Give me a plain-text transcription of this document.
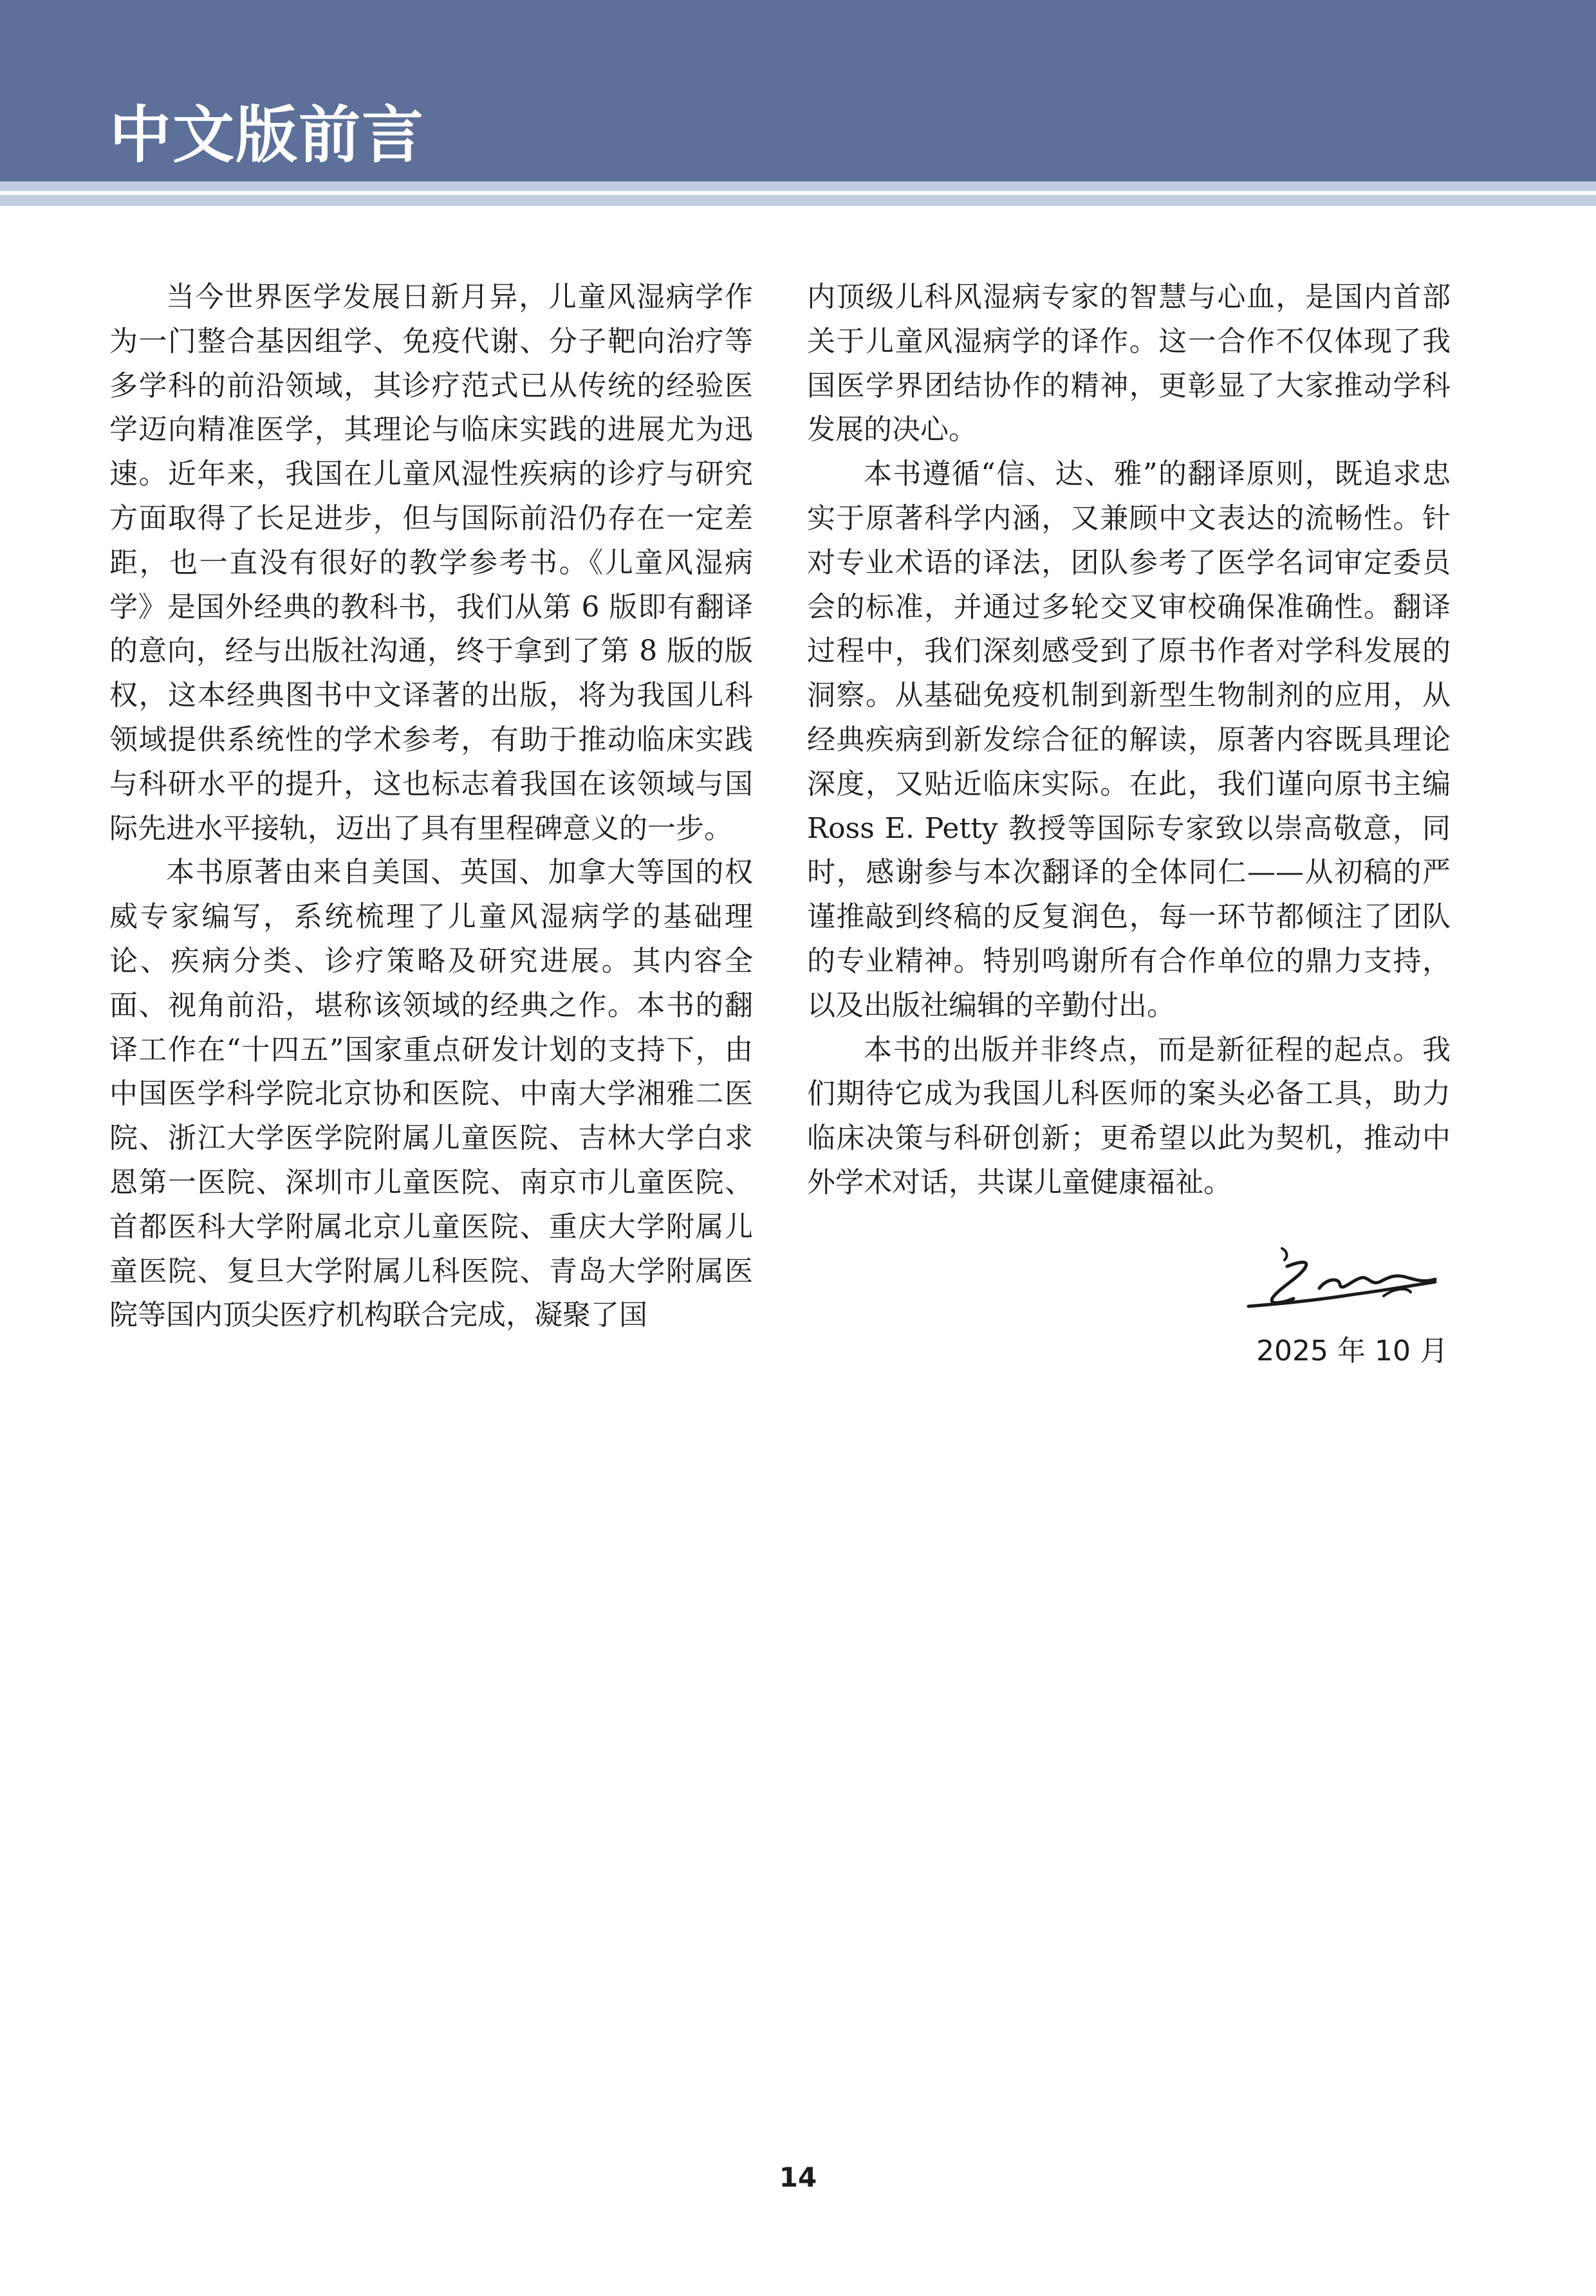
中文版前言

当今世界医学发展日新月异，儿童风湿病学作为一门整合基因组学、免疫代谢、分子靶向治疗等多学科的前沿领域，其诊疗范式已从传统的经验医学迈向精准医学，其理论与临床实践的进展尤为迅速。近年来，我国在儿童风湿性疾病的诊疗与研究方面取得了长足进步，但与国际前沿仍存在一定差距，也一直没有很好的教学参考书。《儿童风湿病学》是国外经典的教科书，我们从第 6 版即有翻译的意向，经与出版社沟通，终于拿到了第 8 版的版权，这本经典图书中文译著的出版，将为我国儿科领域提供系统性的学术参考，有助于推动临床实践与科研水平的提升，这也标志着我国在该领域与国际先进水平接轨，迈出了具有里程碑意义的一步。

本书原著由来自美国、英国、加拿大等国的权威专家编写，系统梳理了儿童风湿病学的基础理论、疾病分类、诊疗策略及研究进展。其内容全面、视角前沿，堪称该领域的经典之作。本书的翻译工作在“十四五”国家重点研发计划的支持下，由中国医学科学院北京协和医院、中南大学湘雅二医院、浙江大学医学院附属儿童医院、吉林大学白求恩第一医院、深圳市儿童医院、南京市儿童医院、首都医科大学附属北京儿童医院、重庆大学附属儿童医院、复旦大学附属儿科医院、青岛大学附属医院等国内顶尖医疗机构联合完成，凝聚了国

内顶级儿科风湿病专家的智慧与心血，是国内首部关于儿童风湿病学的译作。这一合作不仅体现了我国医学界团结协作的精神，更彰显了大家推动学科发展的决心。

本书遵循“信、达、雅”的翻译原则，既追求忠实于原著科学内涵，又兼顾中文表达的流畅性。针对专业术语的译法，团队参考了医学名词审定委员会的标准，并通过多轮交叉审校确保准确性。翻译过程中，我们深刻感受到了原书作者对学科发展的洞察。从基础免疫机制到新型生物制剂的应用，从经典疾病到新发综合征的解读，原著内容既具理论深度，又贴近临床实际。在此，我们谨向原书主编 Ross E. Petty 教授等国际专家致以崇高敬意，同时，感谢参与本次翻译的全体同仁——从初稿的严谨推敲到终稿的反复润色，每一环节都倾注了团队的专业精神。特别鸣谢所有合作单位的鼎力支持，以及出版社编辑的辛勤付出。

本书的出版并非终点，而是新征程的起点。我们期待它成为我国儿科医师的案头必备工具，助力临床决策与科研创新；更希望以此为契机，推动中外学术对话，共谋儿童健康福祉。

2025 年 10 月
14
